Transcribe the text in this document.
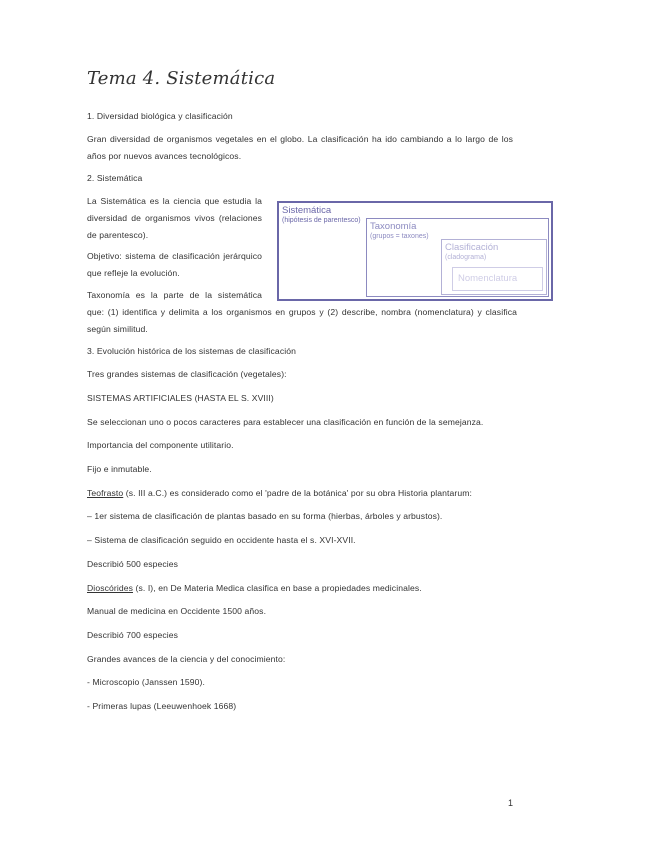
Tema 4. Sistemática

1. Diversidad biológica y clasificación

Gran diversidad de organismos vegetales en el globo. La clasificación ha ido cambiando a lo largo de los años por nuevos avances tecnológicos.

2. Sistemática

La Sistemática es la ciencia que estudia la diversidad de organismos vivos (relaciones de parentesco).

Objetivo: sistema de clasificación jerárquico que refleje la evolución.

Taxonomía es la parte de la sistemática

que: (1) identifica y delimita a los organismos en grupos y (2) describe, nombra (nomenclatura) y clasifica según similitud.

Sistemática
(hipótesis de parentesco)
Taxonomía
(grupos = taxones)
Clasificación
(cladograma)
Nomenclatura

3. Evolución histórica de los sistemas de clasificación

Tres grandes sistemas de clasificación (vegetales):

SISTEMAS ARTIFICIALES (HASTA EL S. XVIII)

Se seleccionan uno o pocos caracteres para establecer una clasificación en función de la semejanza.

Importancia del componente utilitario.

Fijo e inmutable.

Teofrasto (s. III a.C.) es considerado como el 'padre de la botánica' por su obra Historia plantarum:

– 1er sistema de clasificación de plantas basado en su forma (hierbas, árboles y arbustos).

– Sistema de clasificación seguido en occidente hasta el s. XVI-XVII.

Describió 500 especies

Dioscórides (s. I), en De Materia Medica clasifica en base a propiedades medicinales.

Manual de medicina en Occidente 1500 años.

Describió 700 especies

Grandes avances de la ciencia y del conocimiento:

- Microscopio (Janssen 1590).

- Primeras lupas (Leeuwenhoek 1668)

1
